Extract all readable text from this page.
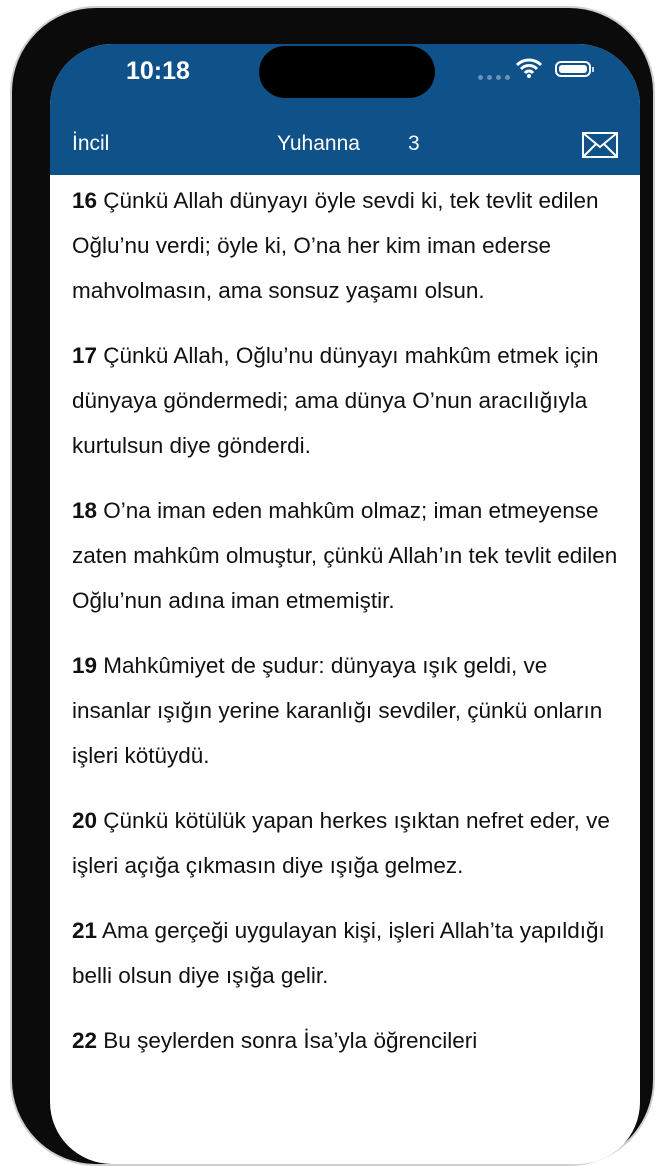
10:18
İncil	Yuhanna 3

16 Çünkü Allah dünyayı öyle sevdi ki, tek tevlit edilen Oğlu’nu verdi; öyle ki, O’na her kim iman ederse mahvolmasın, ama sonsuz yaşamı olsun.

17 Çünkü Allah, Oğlu’nu dünyayı mahkûm etmek için dünyaya göndermedi; ama dünya O’nun aracılığıyla kurtulsun diye gönderdi.

18 O’na iman eden mahkûm olmaz; iman etmeyense zaten mahkûm olmuştur, çünkü Allah’ın tek tevlit edilen Oğlu’nun adına iman etmemiştir.

19 Mahkûmiyet de şudur: dünyaya ışık geldi, ve insanlar ışığın yerine karanlığı sevdiler, çünkü onların işleri kötüydü.

20 Çünkü kötülük yapan herkes ışıktan nefret eder, ve işleri açığa çıkmasın diye ışığa gelmez.

21 Ama gerçeği uygulayan kişi, işleri Allah’ta yapıldığı belli olsun diye ışığa gelir.

22 Bu şeylerden sonra İsa’yla öğrencileri
